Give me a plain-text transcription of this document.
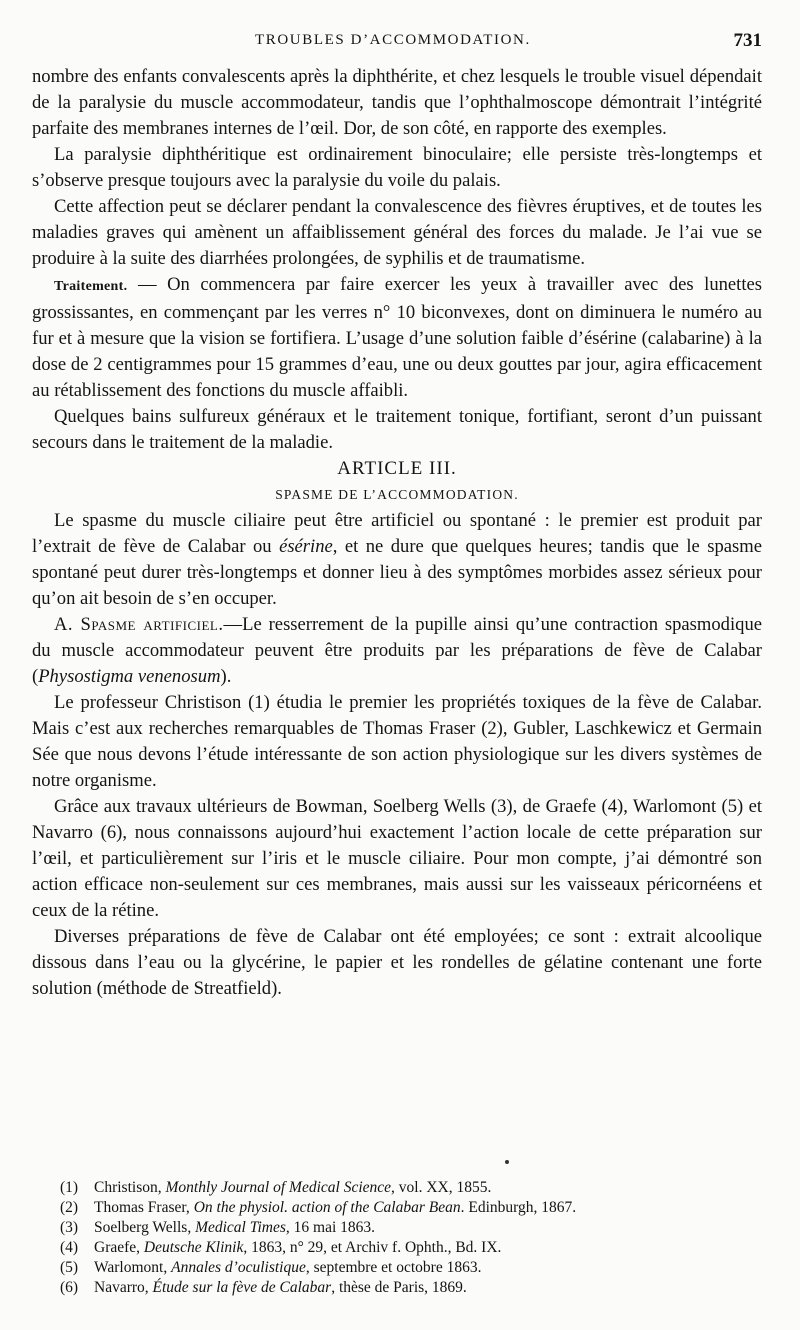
TROUBLES D’ACCOMMODATION.	731

nombre des enfants convalescents après la diphthérite, et chez lesquels le trouble visuel dépendait de la paralysie du muscle accommodateur, tandis que l’ophthalmoscope démontrait l’intégrité parfaite des membranes internes de l’œil. Dor, de son côté, en rapporte des exemples.

La paralysie diphthéritique est ordinairement binoculaire; elle persiste très-longtemps et s’observe presque toujours avec la paralysie du voile du palais.

Cette affection peut se déclarer pendant la convalescence des fièvres éruptives, et de toutes les maladies graves qui amènent un affaiblissement général des forces du malade. Je l’ai vue se produire à la suite des diarrhées prolongées, de syphilis et de traumatisme.

Traitement. — On commencera par faire exercer les yeux à travailler avec des lunettes grossissantes, en commençant par les verres n° 10 biconvexes, dont on diminuera le numéro au fur et à mesure que la vision se fortifiera. L’usage d’une solution faible d’ésérine (calabarine) à la dose de 2 centigrammes pour 15 grammes d’eau, une ou deux gouttes par jour, agira efficacement au rétablissement des fonctions du muscle affaibli.

Quelques bains sulfureux généraux et le traitement tonique, fortifiant, seront d’un puissant secours dans le traitement de la maladie.

ARTICLE III.

SPASME DE L’ACCOMMODATION.

Le spasme du muscle ciliaire peut être artificiel ou spontané : le premier est produit par l’extrait de fève de Calabar ou ésérine, et ne dure que quelques heures; tandis que le spasme spontané peut durer très-longtemps et donner lieu à des symptômes morbides assez sérieux pour qu’on ait besoin de s’en occuper.

A. Spasme artificiel.—Le resserrement de la pupille ainsi qu’une contraction spasmodique du muscle accommodateur peuvent être produits par les préparations de fève de Calabar (Physostigma venenosum).

Le professeur Christison (1) étudia le premier les propriétés toxiques de la fève de Calabar. Mais c’est aux recherches remarquables de Thomas Fraser (2), Gubler, Laschkewicz et Germain Sée que nous devons l’étude intéressante de son action physiologique sur les divers systèmes de notre organisme.

Grâce aux travaux ultérieurs de Bowman, Soelberg Wells (3), de Graefe (4), Warlomont (5) et Navarro (6), nous connaissons aujourd’hui exactement l’action locale de cette préparation sur l’œil, et particulièrement sur l’iris et le muscle ciliaire. Pour mon compte, j’ai démontré son action efficace non-seulement sur ces membranes, mais aussi sur les vaisseaux péricornéens et ceux de la rétine.

Diverses préparations de fève de Calabar ont été employées; ce sont : extrait alcoolique dissous dans l’eau ou la glycérine, le papier et les rondelles de gélatine contenant une forte solution (méthode de Streatfield).

(1) Christison, Monthly Journal of Medical Science, vol. XX, 1855.
(2) Thomas Fraser, On the physiol. action of the Calabar Bean. Edinburgh, 1867.
(3) Soelberg Wells, Medical Times, 16 mai 1863.
(4) Graefe, Deutsche Klinik, 1863, n° 29, et Archiv f. Ophth., Bd. IX.
(5) Warlomont, Annales d’oculistique, septembre et octobre 1863.
(6) Navarro, Étude sur la fève de Calabar, thèse de Paris, 1869.
